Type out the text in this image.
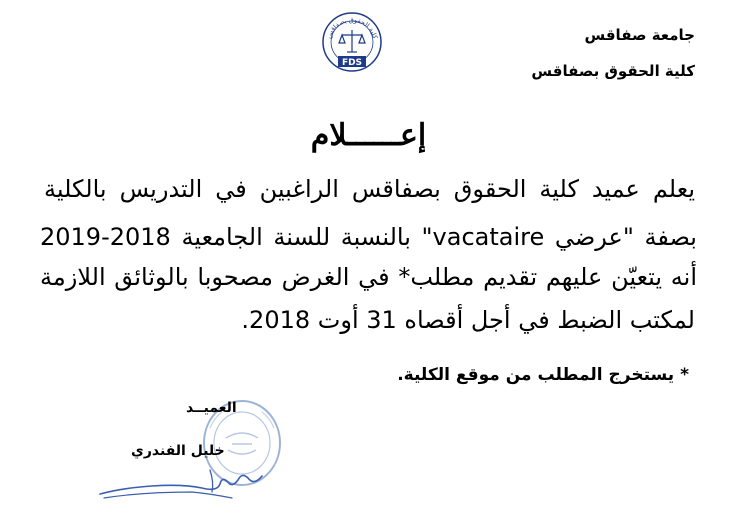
جامعة صفاقس
كلية الحقوق بصفاقس
كلية الحقوق بصفاقس
FDS
إعــــــلام
يعلم عميد كلية الحقوق بصفاقس الراغبين في التدريس بالكلية
بصفة "عرضي vacataire" بالنسبة للسنة الجامعية 2018-2019
أنه يتعيّن عليهم تقديم مطلب* في الغرض مصحوبا بالوثائق اللازمة
لمكتب الضبط في أجل أقصاه 31 أوت 2018.
* يستخرج المطلب من موقع الكلية.
العميــد
خليل الفندري
